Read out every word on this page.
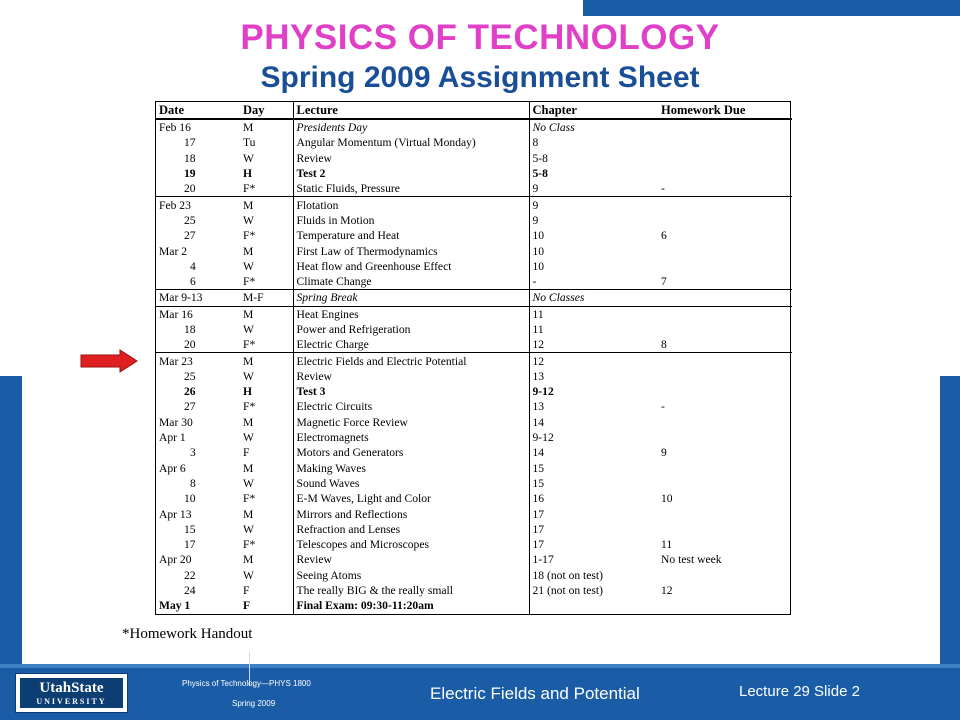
PHYSICS OF TECHNOLOGY
Spring 2009 Assignment Sheet
Date	Day	Lecture	Chapter	Homework Due
Feb 16	M	Presidents Day	No Class	
17	Tu	Angular Momentum (Virtual Monday)	8	
18	W	Review	5-8	
19	H	Test 2	5-8	
20	F*	Static Fluids, Pressure	9	-
Feb 23	M	Flotation	9	
25	W	Fluids in Motion	9	
27	F*	Temperature and Heat	10	6
Mar 2	M	First Law of Thermodynamics	10	
4	W	Heat flow and Greenhouse Effect	10	
6	F*	Climate Change	-	7
Mar 9-13	M-F	Spring Break	No Classes	
Mar 16	M	Heat Engines	11	
18	W	Power and Refrigeration	11	
20	F*	Electric Charge	12	8
Mar 23	M	Electric Fields and Electric Potential	12	
25	W	Review	13	
26	H	Test 3	9-12	
27	F*	Electric Circuits	13	-
Mar 30	M	Magnetic Force Review	14	
Apr 1	W	Electromagnets	9-12	
3	F	Motors and Generators	14	9
Apr 6	M	Making Waves	15	
8	W	Sound Waves	15	
10	F*	E-M Waves, Light and Color	16	10
Apr 13	M	Mirrors and Reflections	17	
15	W	Refraction and Lenses	17	
17	F*	Telescopes and Microscopes	17	11
Apr 20	M	Review	1-17	No test week
22	W	Seeing Atoms	18 (not on test)	
24	F	The really BIG & the really small	21 (not on test)	12
May 1	F	Final Exam: 09:30-11:20am		
*Homework Handout
UtahState
UNIVERSITY
Physics of Technology—PHYS 1800
Spring 2009
Electric Fields and Potential	Lecture 29 Slide 2
